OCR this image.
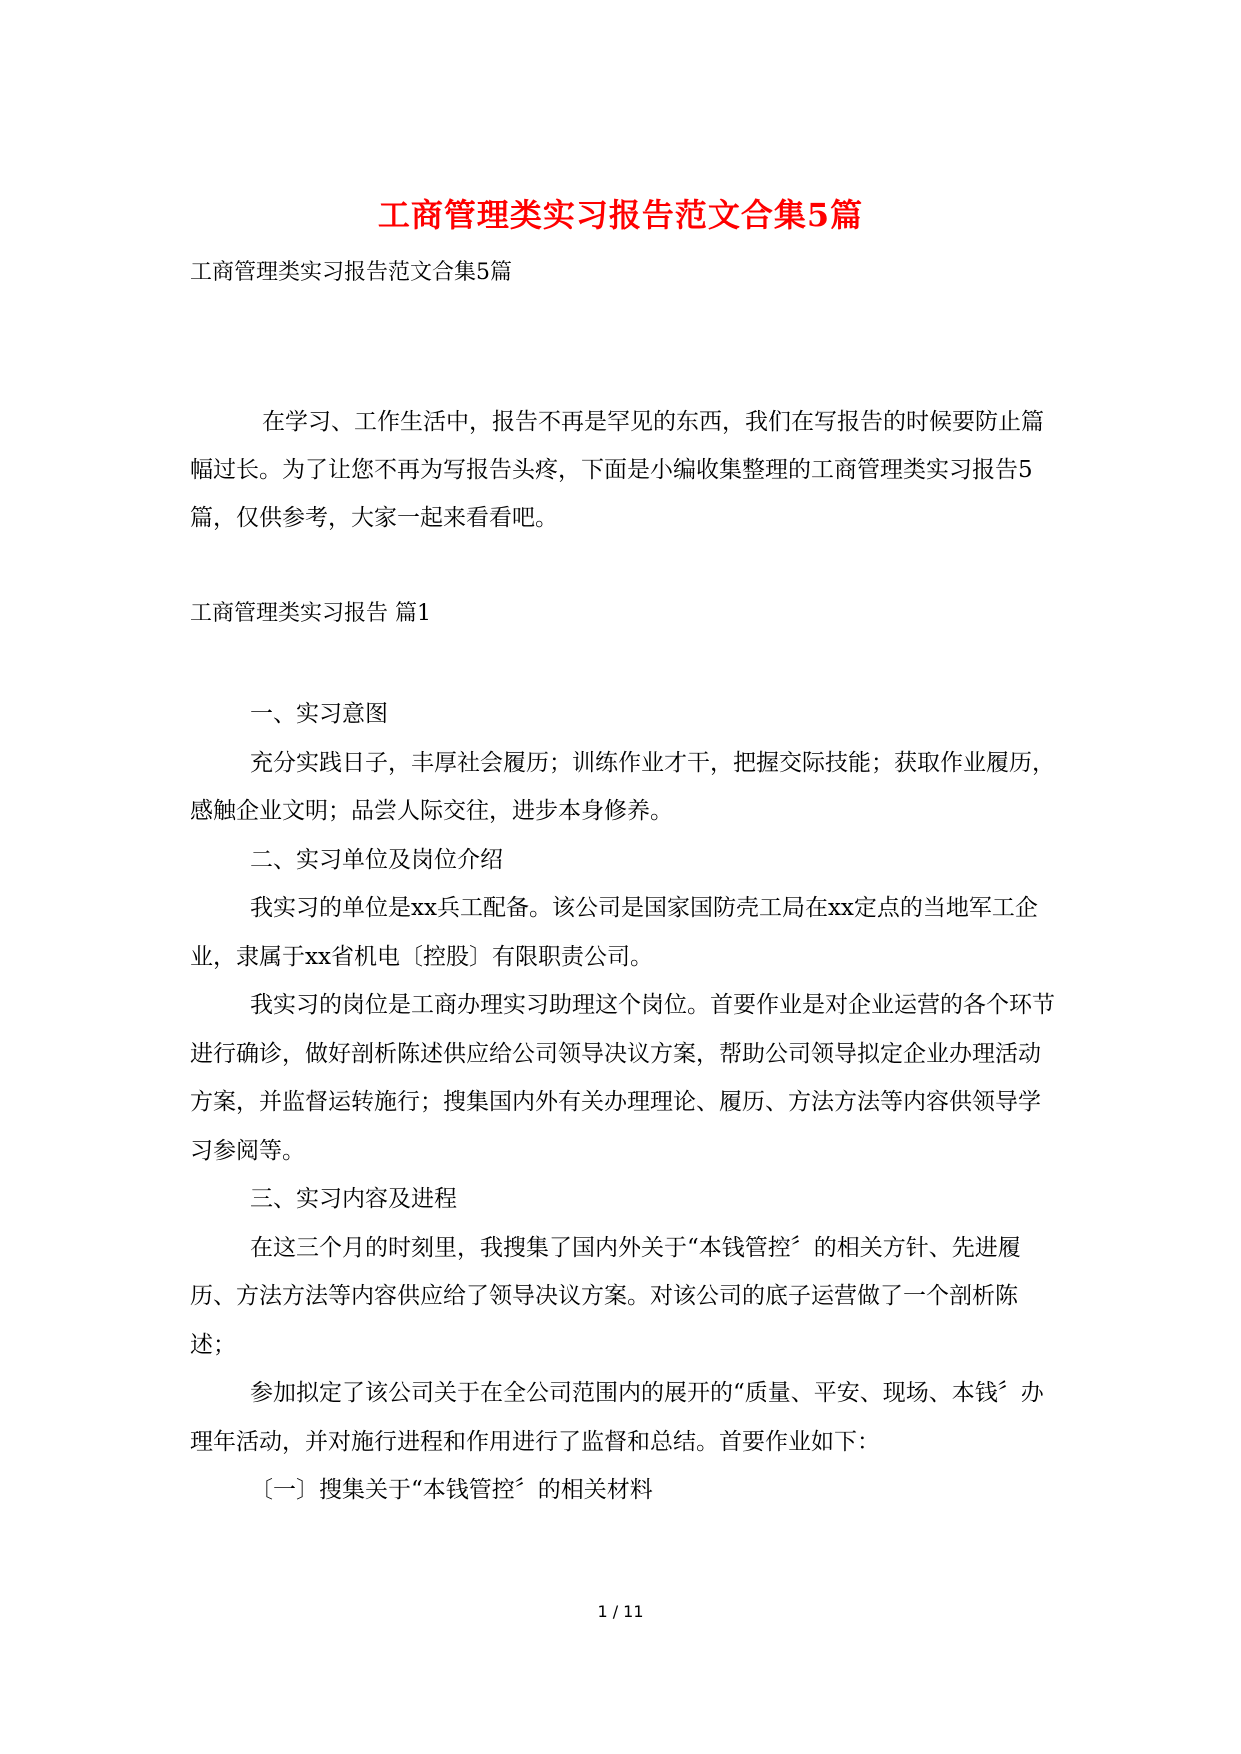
工商管理类实习报告范文合集5篇
工商管理类实习报告范文合集5篇

在学习、工作生活中，报告不再是罕见的东西，我们在写报告的时候要防止篇幅过长。为了让您不再为写报告头疼，下面是小编收集整理的工商管理类实习报告5篇，仅供参考，大家一起来看看吧。

工商管理类实习报告 篇1

一、实习意图

充分实践日子，丰厚社会履历；训练作业才干，把握交际技能；获取作业履历，感触企业文明；品尝人际交往，进步本身修养。

二、实习单位及岗位介绍

我实习的单位是xx兵工配备。该公司是国家国防壳工局在xx定点的当地军工企业，隶属于xx省机电〔控股〕有限职责公司。

我实习的岗位是工商办理实习助理这个岗位。首要作业是对企业运营的各个环节进行确诊，做好剖析陈述供应给公司领导决议方案，帮助公司领导拟定企业办理活动方案，并监督运转施行；搜集国内外有关办理理论、履历、方法方法等内容供领导学习参阅等。

三、实习内容及进程

在这三个月的时刻里，我搜集了国内外关于“本钱管控〞的相关方针、先进履历、方法方法等内容供应给了领导决议方案。对该公司的底子运营做了一个剖析陈述；

参加拟定了该公司关于在全公司范围内的展开的“质量、平安、现场、本钱〞办理年活动，并对施行进程和作用进行了监督和总结。首要作业如下：

〔一〕搜集关于“本钱管控〞的相关材料

1 / 11
